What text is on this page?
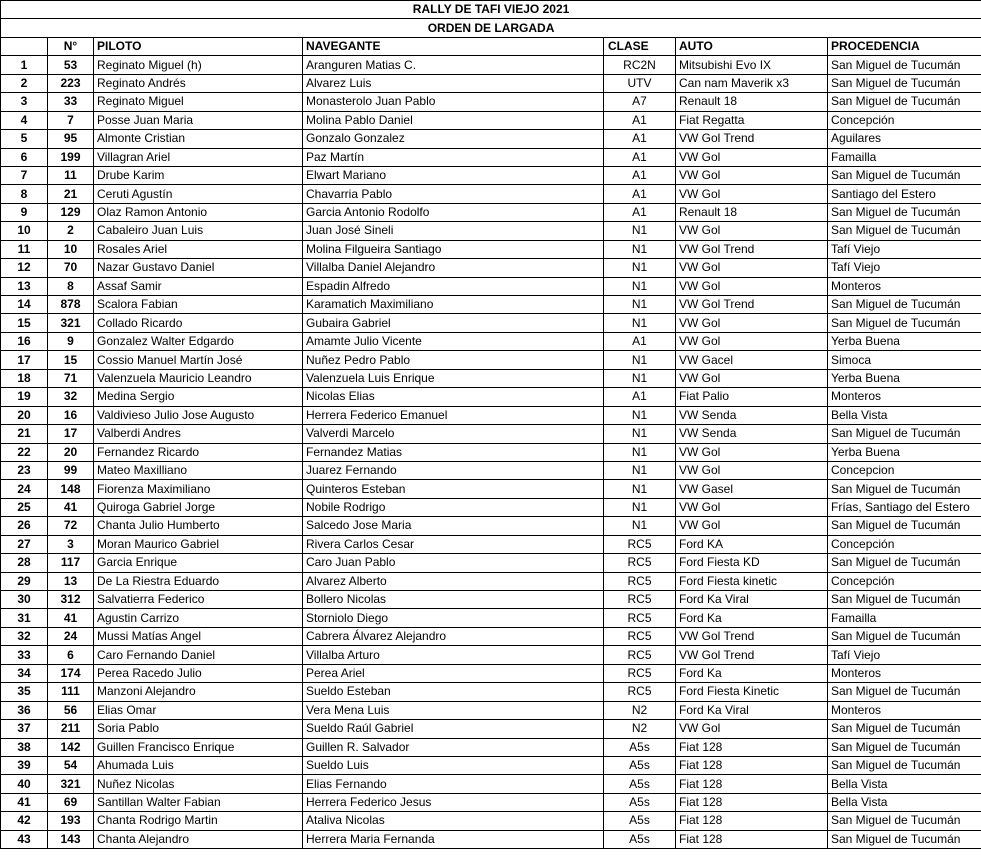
RALLY DE TAFI VIEJO 2021						
ORDEN DE LARGADA						
	N°	PILOTO	NAVEGANTE	CLASE	AUTO	PROCEDENCIA
1	53	Reginato Miguel (h)	Aranguren Matias C.	RC2N	Mitsubishi Evo IX	San Miguel de Tucumán
2	223	Reginato Andrés	Alvarez Luis	UTV	Can nam Maverik x3	San Miguel de Tucumán
3	33	Reginato Miguel	Monasterolo Juan Pablo	A7	Renault 18	San Miguel de Tucumán
4	7	Posse Juan Maria	Molina Pablo Daniel	A1	Fiat Regatta	Concepción
5	95	Almonte Cristian	Gonzalo Gonzalez	A1	VW Gol Trend	Aguilares
6	199	Villagran Ariel	Paz Martín	A1	VW Gol	Famailla
7	11	Drube Karim	Elwart Mariano	A1	VW Gol	San Miguel de Tucumán
8	21	Ceruti Agustín	Chavarria Pablo	A1	VW Gol	Santiago del Estero
9	129	Olaz Ramon Antonio	Garcia Antonio Rodolfo	A1	Renault 18	San Miguel de Tucumán
10	2	Cabaleiro Juan Luis	Juan José Sineli	N1	VW Gol	San Miguel de Tucumán
11	10	Rosales Ariel	Molina Filgueira Santiago	N1	VW Gol Trend	Tafí Viejo
12	70	Nazar Gustavo Daniel	Villalba Daniel Alejandro	N1	VW Gol	Tafí Viejo
13	8	Assaf Samir	Espadin Alfredo	N1	VW Gol	Monteros
14	878	Scalora Fabian	Karamatich Maximiliano	N1	VW Gol Trend	San Miguel de Tucumán
15	321	Collado Ricardo	Gubaira Gabriel	N1	VW Gol	San Miguel de Tucumán
16	9	Gonzalez Walter Edgardo	Amamte Julio Vicente	A1	VW Gol	Yerba Buena
17	15	Cossio Manuel Martín José	Nuñez Pedro Pablo	N1	VW Gacel	Simoca
18	71	Valenzuela Mauricio Leandro	Valenzuela Luis Enrique	N1	VW Gol	Yerba Buena
19	32	Medina Sergio	Nicolas Elias	A1	Fiat Palio	Monteros
20	16	Valdivieso Julio Jose Augusto	Herrera Federico Emanuel	N1	VW Senda	Bella Vista
21	17	Valberdi Andres	Valverdi Marcelo	N1	VW Senda	San Miguel de Tucumán
22	20	Fernandez Ricardo	Fernandez Matias	N1	VW Gol	Yerba Buena
23	99	Mateo Maxilliano	Juarez Fernando	N1	VW Gol	Concepcion
24	148	Fiorenza Maximiliano	Quinteros Esteban	N1	VW Gasel	San Miguel de Tucumán
25	41	Quiroga Gabriel Jorge	Nobile Rodrigo	N1	VW Gol	Frías, Santiago del Estero
26	72	Chanta Julio Humberto	Salcedo Jose Maria	N1	VW Gol	San Miguel de Tucumán
27	3	Moran Maurico Gabriel	Rivera Carlos Cesar	RC5	Ford KA	Concepción
28	117	Garcia Enrique	Caro Juan Pablo	RC5	Ford Fiesta KD	San Miguel de Tucumán
29	13	De La Riestra Eduardo	Alvarez Alberto	RC5	Ford Fiesta kinetic	Concepción
30	312	Salvatierra Federico	Bollero Nicolas	RC5	Ford Ka Viral	San Miguel de Tucumán
31	41	Agustin Carrizo	Storniolo Diego	RC5	Ford Ka	Famailla
32	24	Mussi Matías Angel	Cabrera Álvarez Alejandro	RC5	VW Gol Trend	San Miguel de Tucumán
33	6	Caro Fernando Daniel	Villalba Arturo	RC5	VW Gol Trend	Tafí Viejo
34	174	Perea Racedo Julio	Perea Ariel	RC5	Ford Ka	Monteros
35	111	Manzoni Alejandro	Sueldo Esteban	RC5	Ford Fiesta Kinetic	San Miguel de Tucumán
36	56	Elias Omar	Vera Mena Luis	N2	Ford Ka Viral	Monteros
37	211	Soria Pablo	Sueldo Raúl Gabriel	N2	VW Gol	San Miguel de Tucumán
38	142	Guillen Francisco Enrique	Guillen R. Salvador	A5s	Fiat 128	San Miguel de Tucumán
39	54	Ahumada Luis	Sueldo Luis	A5s	Fiat 128	San Miguel de Tucumán
40	321	Nuñez Nicolas	Elias Fernando	A5s	Fiat 128	Bella Vista
41	69	Santillan Walter Fabian	Herrera Federico Jesus	A5s	Fiat 128	Bella Vista
42	193	Chanta Rodrigo Martin	Ataliva Nicolas	A5s	Fiat 128	San Miguel de Tucumán
43	143	Chanta Alejandro	Herrera Maria Fernanda	A5s	Fiat 128	San Miguel de Tucumán
